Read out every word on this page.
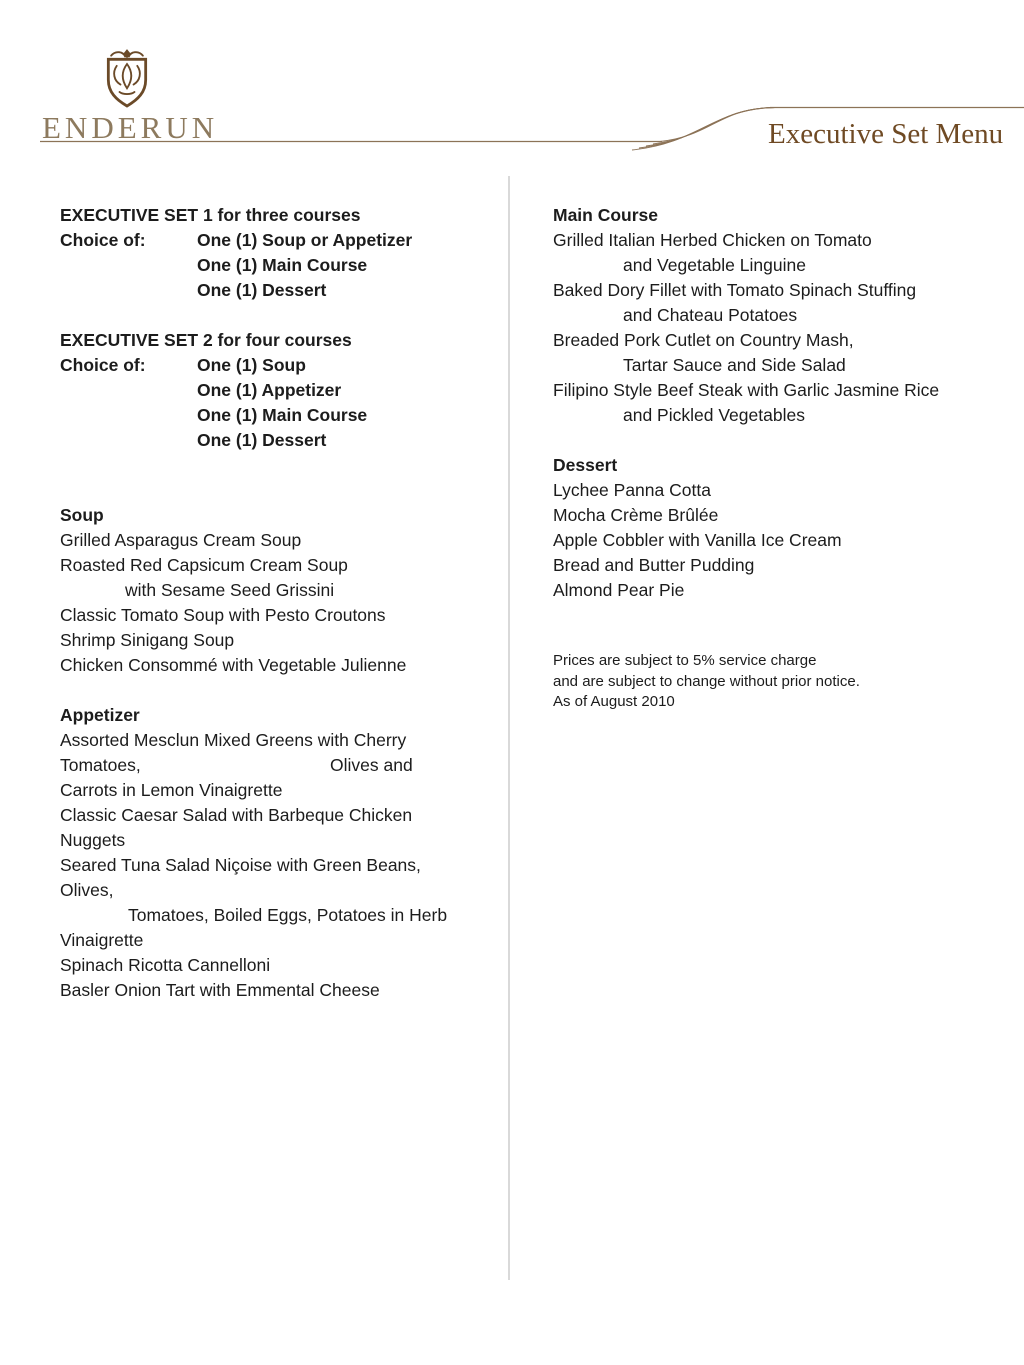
ENDERUN	Executive Set Menu
EXECUTIVE SET 1 for three courses
Choice of:	One (1) Soup or Appetizer
One (1) Main Course
One (1) Dessert
EXECUTIVE SET 2 for four courses
Choice of:	One (1) Soup
One (1) Appetizer
One (1) Main Course
One (1) Dessert
Soup
Grilled Asparagus Cream Soup
Roasted Red Capsicum Cream Soup
with Sesame Seed Grissini
Classic Tomato Soup with Pesto Croutons
Shrimp Sinigang Soup
Chicken Consommé with Vegetable Julienne
Appetizer
Assorted Mesclun Mixed Greens with Cherry
Tomatoes,	Olives and
Carrots in Lemon Vinaigrette
Classic Caesar Salad with Barbeque Chicken
Nuggets
Seared Tuna Salad Niçoise with Green Beans,
Olives,
Tomatoes, Boiled Eggs, Potatoes in Herb
Vinaigrette
Spinach Ricotta Cannelloni
Basler Onion Tart with Emmental Cheese
Main Course
Grilled Italian Herbed Chicken on Tomato
and Vegetable Linguine
Baked Dory Fillet with Tomato Spinach Stuffing
and Chateau Potatoes
Breaded Pork Cutlet on Country Mash,
Tartar Sauce and Side Salad
Filipino Style Beef Steak with Garlic Jasmine Rice
and Pickled Vegetables
Dessert
Lychee Panna Cotta
Mocha Crème Brûlée
Apple Cobbler with Vanilla Ice Cream
Bread and Butter Pudding
Almond Pear Pie
Prices are subject to 5% service charge
and are subject to change without prior notice.
As of August 2010
